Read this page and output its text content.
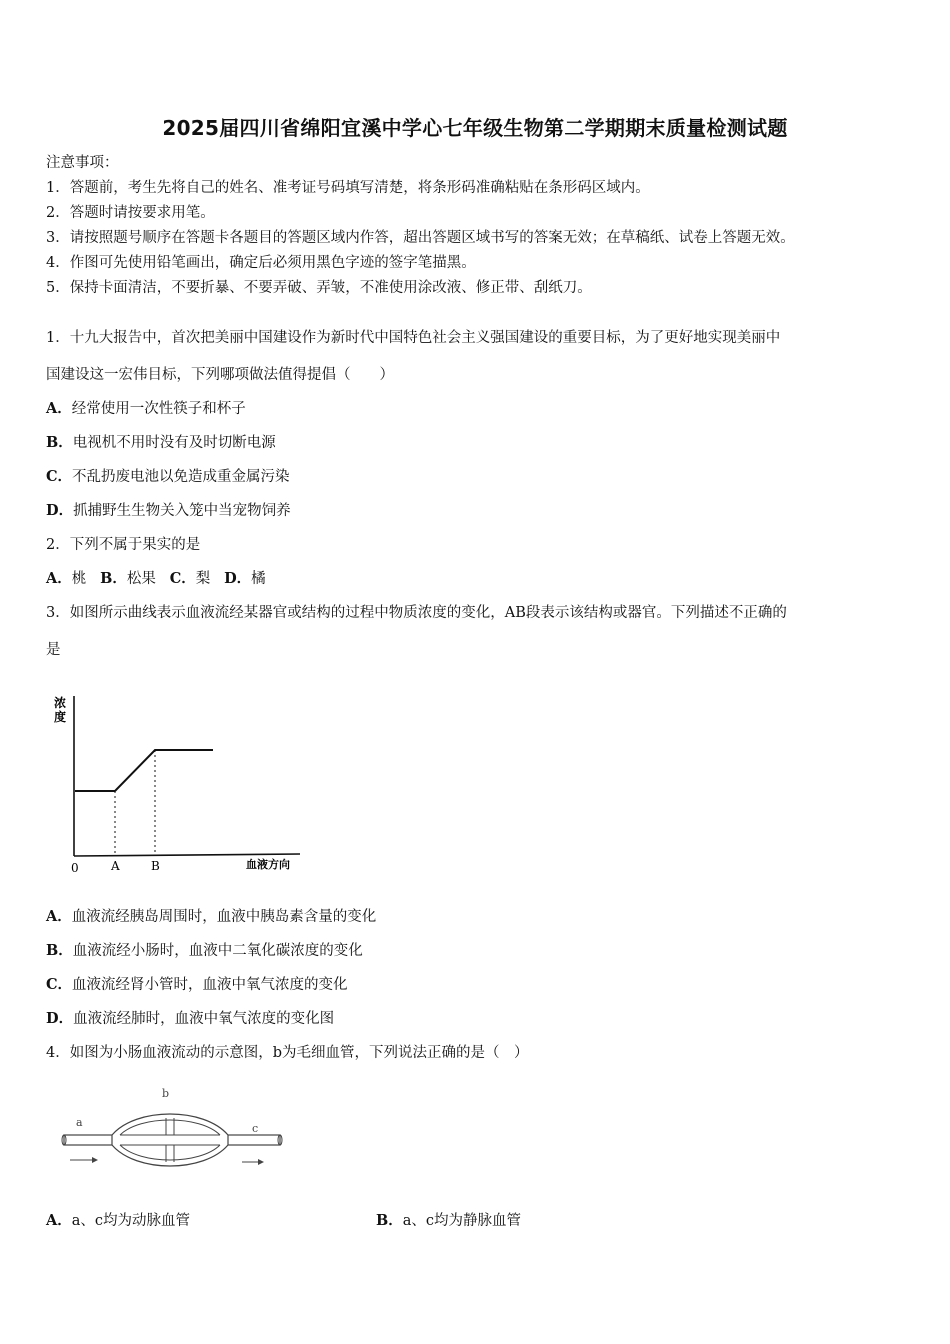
2025届四川省绵阳宜溪中学心七年级生物第二学期期末质量检测试题
注意事项：
1．答题前，考生先将自己的姓名、准考证号码填写清楚，将条形码准确粘贴在条形码区域内。
2．答题时请按要求用笔。
3．请按照题号顺序在答题卡各题目的答题区域内作答，超出答题区域书写的答案无效；在草稿纸、试卷上答题无效。
4．作图可先使用铅笔画出，确定后必须用黑色字迹的签字笔描黑。
5．保持卡面清洁，不要折暴、不要弄破、弄皱，不准使用涂改液、修正带、刮纸刀。
1．十九大报告中，首次把美丽中国建设作为新时代中国特色社会主义强国建设的重要目标，为了更好地实现美丽中
国建设这一宏伟目标，下列哪项做法值得提倡（　　）
A．经常使用一次性筷子和杯子
B．电视机不用时没有及时切断电源
C．不乱扔废电池以免造成重金属污染
D．抓捕野生生物关入笼中当宠物饲养
2．下列不属于果实的是
A．桃 B．松果 C．梨 D．橘
3．如图所示曲线表示血液流经某器官或结构的过程中物质浓度的变化，AB段表示该结构或器官。下列描述不正确的
是
浓
度
0	A	B	血液方向
A．血液流经胰岛周围时，血液中胰岛素含量的变化
B．血液流经小肠时，血液中二氧化碳浓度的变化
C．血液流经肾小管时，血液中氧气浓度的变化
D．血液流经肺时，血液中氧气浓度的变化图
4．如图为小肠血液流动的示意图，b为毛细血管，下列说法正确的是（　）
a
b
c
A．a、c均为动脉血管	B．a、c均为静脉血管
